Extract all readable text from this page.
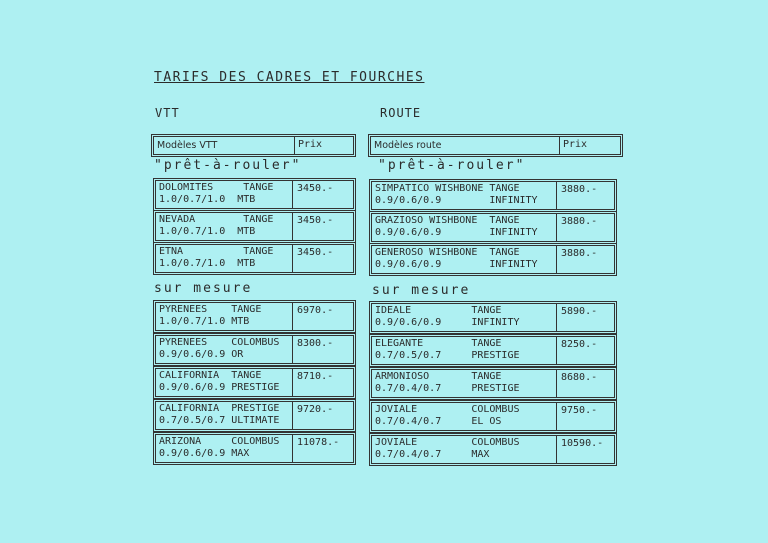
TARIFS DES CADRES ET FOURCHES
VTT
Modèles VTT	Prix
"prêt-à-rouler"
DOLOMITES     TANGE
1.0/0.7/1.0  MTB
3450.-
NEVADA        TANGE
1.0/0.7/1.0  MTB
3450.-
ETNA          TANGE
1.0/0.7/1.0  MTB
3450.-
sur mesure
PYRENEES    TANGE
1.0/0.7/1.0 MTB
6970.-
PYRENEES    COLOMBUS
0.9/0.6/0.9 OR
8300.-
CALIFORNIA  TANGE
0.9/0.6/0.9 PRESTIGE
8710.-
CALIFORNIA  PRESTIGE
0.7/0.5/0.7 ULTIMATE
9720.-
ARIZONA     COLOMBUS
0.9/0.6/0.9 MAX
11078.-
ROUTE
Modèles route	Prix
"prêt-à-rouler"
SIMPATICO WISHBONE TANGE
0.9/0.6/0.9        INFINITY
3880.-
GRAZIOSO WISHBONE  TANGE
0.9/0.6/0.9        INFINITY
3880.-
GENEROSO WISHBONE  TANGE
0.9/0.6/0.9        INFINITY
3880.-
sur mesure
IDEALE          TANGE
0.9/0.6/0.9     INFINITY
5890.-
ELEGANTE        TANGE
0.7/0.5/0.7     PRESTIGE
8250.-
ARMONIOSO       TANGE
0.7/0.4/0.7     PRESTIGE
8680.-
JOVIALE         COLOMBUS
0.7/0.4/0.7     EL OS
9750.-
JOVIALE         COLOMBUS
0.7/0.4/0.7     MAX
10590.-
